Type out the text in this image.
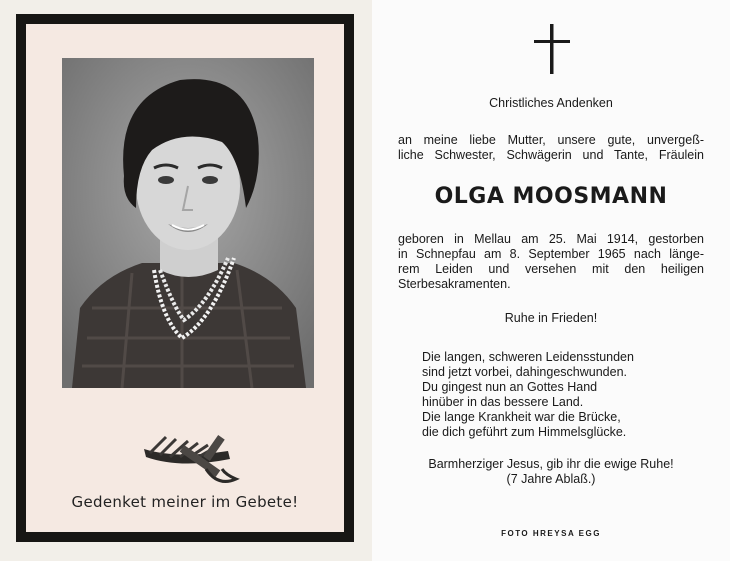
Gedenket meiner im Gebete!
Christliches Andenken
an meine liebe Mutter, unsere gute, unvergeß-
liche Schwester, Schwägerin und Tante, Fräulein
OLGA MOOSMANN
geboren in Mellau am 25. Mai 1914, gestorben
in Schnepfau am 8. September 1965 nach länge-
rem Leiden und versehen mit den heiligen
Sterbesakramenten.
Ruhe in Frieden!
Die langen, schweren Leidensstunden
sind jetzt vorbei, dahingeschwunden.
Du gingest nun an Gottes Hand
hinüber in das bessere Land.
Die lange Krankheit war die Brücke,
die dich geführt zum Himmelsglücke.
Barmherziger Jesus, gib ihr die ewige Ruhe!
(7 Jahre Ablaß.)
FOTO HREYSA EGG
